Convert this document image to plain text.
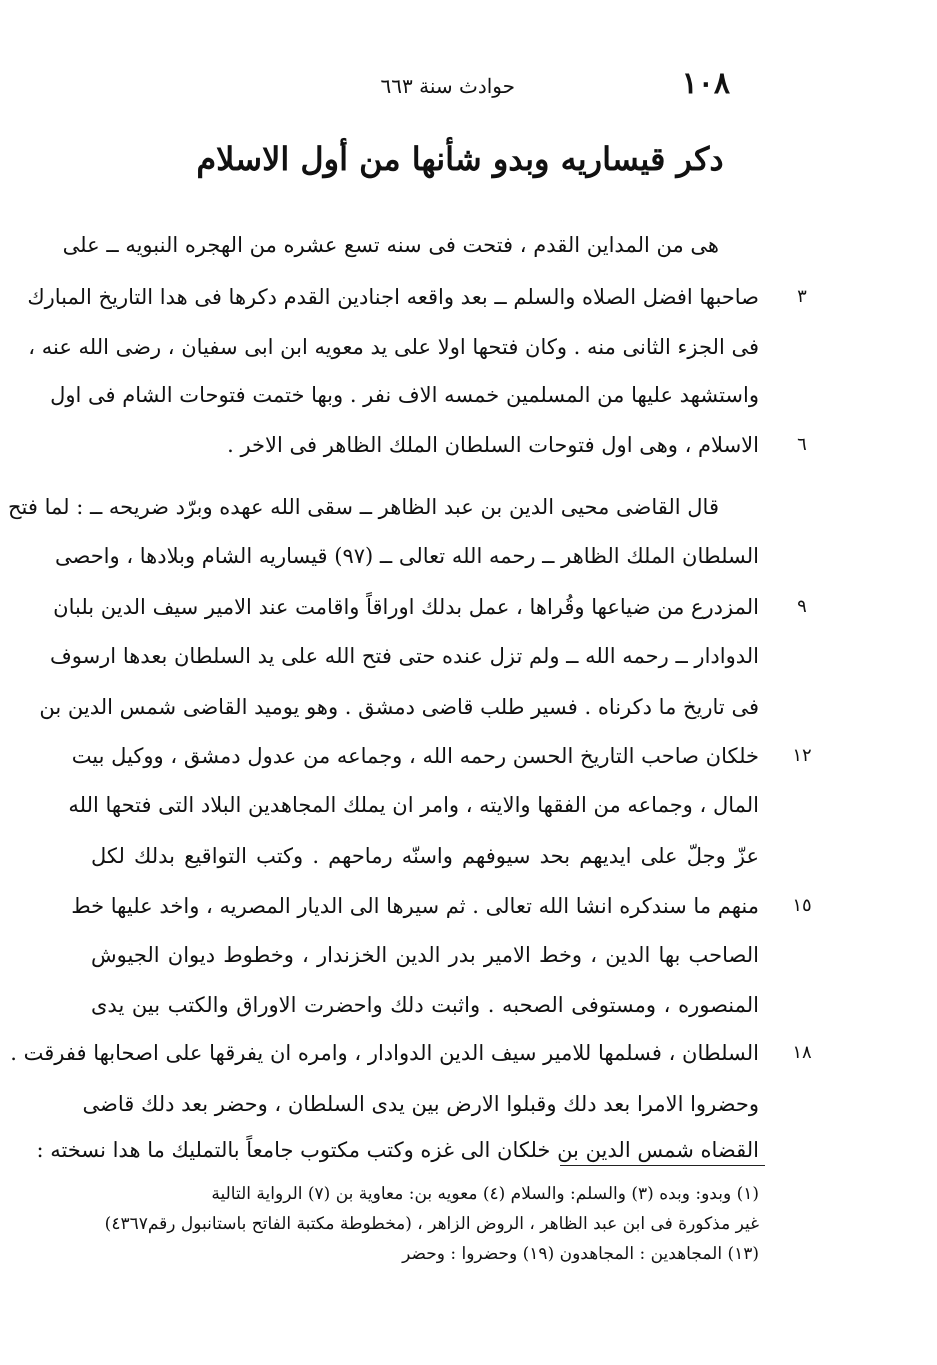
١٠٨
حوادث سنة ٦٦٣
دكر قيساريه وبدو شأنها من أول الاسلام
هى من المداين القدم ، فتحت فى سنه تسع عشره من الهجره النبويه ــ على
صاحبها افضل الصلاه والسلم ــ بعد واقعه اجنادين القدم دكرها فى هدا التاريخ المبارك	٣
فى الجزء الثانى منه . وكان فتحها اولا على يد معويه ابن ابى سفيان ، رضى الله عنه ،
واستشهد عليها من المسلمين خمسه الاف نفر . وبها ختمت فتوحات الشام فى اول
الاسلام ، وهى اول فتوحات السلطان الملك الظاهر فى الاخر .	٦
قال القاضى محيى الدين بن عبد الظاهر ــ سقى الله عهده وبرّد ضريحه ــ : لما فتح
السلطان الملك الظاهر ــ رحمه الله تعالى ــ (٩٧) قيساريه الشام وبلادها ، واحصى
المزدرع من ضياعها وقُراها ، عمل بدلك اوراقاً واقامت عند الامير سيف الدين بلبان	٩
الدوادار ــ رحمه الله ــ ولم تزل عنده حتى فتح الله على يد السلطان بعدها ارسوف
فى تاريخ ما دكرناه . فسير طلب قاضى دمشق . وهو يوميد القاضى شمس الدين بن
خلكان صاحب التاريخ الحسن رحمه الله ، وجماعه من عدول دمشق ، ووكيل بيت	١٢
المال ، وجماعه من الفقها والايته ، وامر ان يملك المجاهدين البلاد التى فتحها الله
عزّ وجلّ على ايديهم بحد سيوفهم واسنّه رماحهم . وكتب التواقيع بدلك لكل
منهم ما سندكره انشا الله تعالى . ثم سيرها الى الديار المصريه ، واخد عليها خط	١٥
الصاحب بها الدين ، وخط الامير بدر الدين الخزندار ، وخطوط ديوان الجيوش
المنصوره ، ومستوفى الصحبه . واثبت دلك واحضرت الاوراق والكتب بين يدى
السلطان ، فسلمها للامير سيف الدين الدوادار ، وامره ان يفرقها على اصحابها ففرقت .	١٨
وحضروا الامرا بعد دلك وقبلوا الارض بين يدى السلطان ، وحضر بعد دلك قاضى
القضاه شمس الدين بن خلكان الى غزه وكتب مكتوب جامعاً بالتمليك ما هدا نسخته :
(١) وبدو: وبده (٣) والسلم: والسلام (٤) معويه بن: معاوية بن (٧) الرواية التالية
غير مذكورة فى ابن عبد الظاهر ، الروض الزاهر ، (مخطوطة مكتبة الفاتح باستانبول رقم٤٣٦٧)
(١٣) المجاهدين : المجاهدون (١٩) وحضروا : وحضر
